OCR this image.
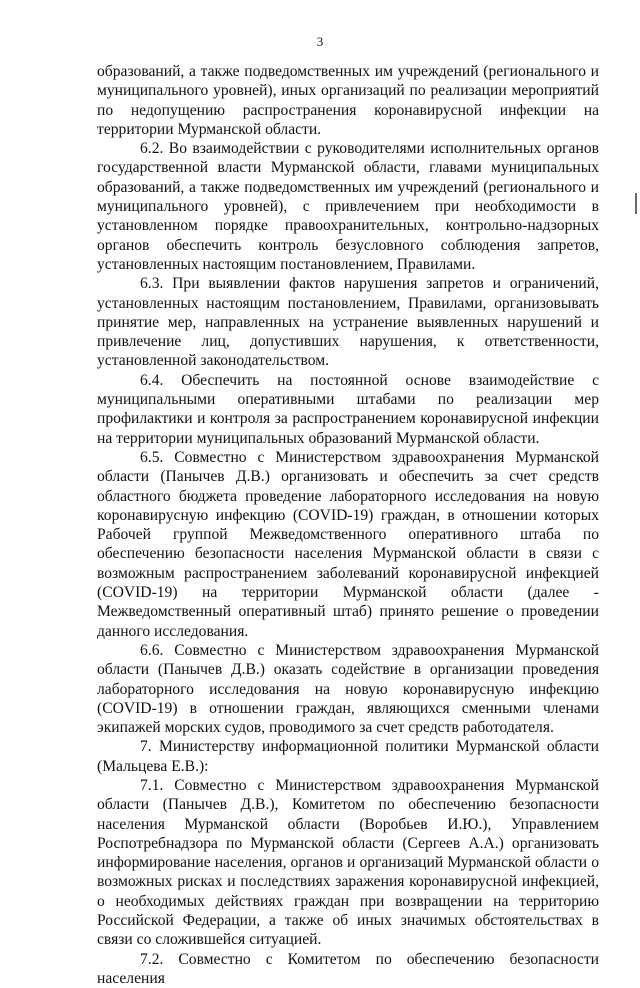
3

образований, а также подведомственных им учреждений (регионального и муниципального уровней), иных организаций по реализации мероприятий по недопущению распространения коронавирусной инфекции на территории Мурманской области.

6.2. Во взаимодействии с руководителями исполнительных органов государственной власти Мурманской области, главами муниципальных образований, а также подведомственных им учреждений (регионального и муниципального уровней), с привлечением при необходимости в установленном порядке правоохранительных, контрольно-надзорных органов обеспечить контроль безусловного соблюдения запретов, установленных настоящим постановлением, Правилами.

6.3. При выявлении фактов нарушения запретов и ограничений, установленных настоящим постановлением, Правилами, организовывать принятие мер, направленных на устранение выявленных нарушений и привлечение лиц, допустивших нарушения, к ответственности, установленной законодательством.

6.4. Обеспечить на постоянной основе взаимодействие с муниципальными оперативными штабами по реализации мер профилактики и контроля за распространением коронавирусной инфекции на территории муниципальных образований Мурманской области.

6.5. Совместно с Министерством здравоохранения Мурманской области (Панычев Д.В.) организовать и обеспечить за счет средств областного бюджета проведение лабораторного исследования на новую коронавирусную инфекцию (COVID-19) граждан, в отношении которых Рабочей группой Межведомственного оперативного штаба по обеспечению безопасности населения Мурманской области в связи с возможным распространением заболеваний коронавирусной инфекцией (COVID-19) на территории Мурманской области (далее - Межведомственный оперативный штаб) принято решение о проведении данного исследования.

6.6. Совместно с Министерством здравоохранения Мурманской области (Панычев Д.В.) оказать содействие в организации проведения лабораторного исследования на новую коронавирусную инфекцию (COVID-19) в отношении граждан, являющихся сменными членами экипажей морских судов, проводимого за счет средств работодателя.

7. Министерству информационной политики Мурманской области (Мальцева Е.В.):

7.1. Совместно с Министерством здравоохранения Мурманской области (Панычев Д.В.), Комитетом по обеспечению безопасности населения Мурманской области (Воробьев И.Ю.), Управлением Роспотребнадзора по Мурманской области (Сергеев А.А.) организовать информирование населения, органов и организаций Мурманской области о возможных рисках и последствиях заражения коронавирусной инфекцией, о необходимых действиях граждан при возвращении на территорию Российской Федерации, а также об иных значимых обстоятельствах в связи со сложившейся ситуацией.

7.2. Совместно с Комитетом по обеспечению безопасности населения
